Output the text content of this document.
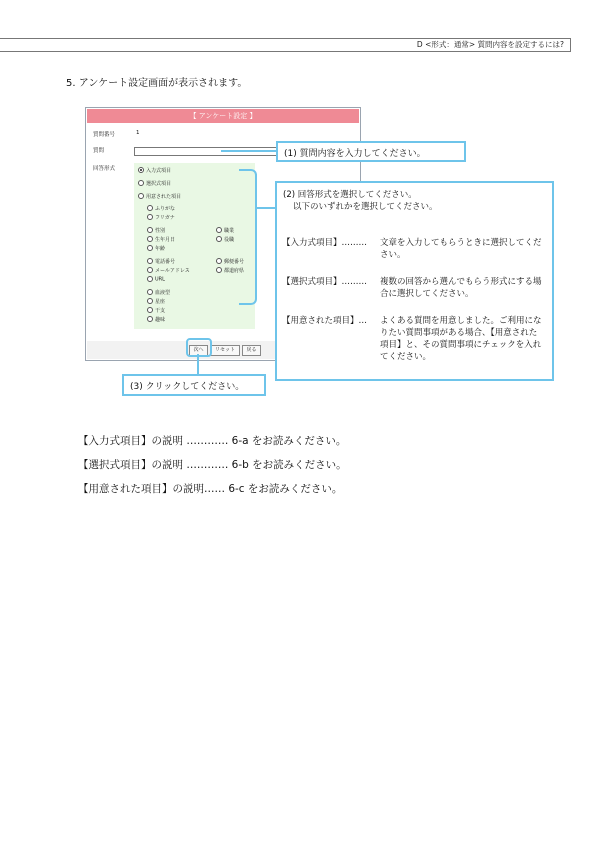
D <形式：通常> 質問内容を設定するには?
5. アンケート設定画面が表示されます。
【 アンケート設定 】
質問番号	1
質問
回答形式	入力式項目
選択式項目
用意された項目
ふりがな
フリガナ
性別	職業
生年月日	役職
年齢
電話番号	郵便番号
メールアドレス	都道府県
URL
血液型
星座
干支
趣味
次へ	リセット	戻る
(1) 質問内容を入力してください。
(2) 回答形式を選択してください。
以下のいずれかを選択してください。
【入力式項目】……… 文章を入力してもらうときに選択してください。
【選択式項目】……… 複数の回答から選んでもらう形式にする場合に選択してください。
【用意された項目】… よくある質問を用意しました。ご利用になりたい質問事項がある場合、【用意された項目】と、その質問事項にチェックを入れてください。
(3) クリックしてください。
【入力式項目】の説明 ………… 6-a をお読みください。
【選択式項目】の説明 ………… 6-b をお読みください。
【用意された項目】の説明…… 6-c をお読みください。
